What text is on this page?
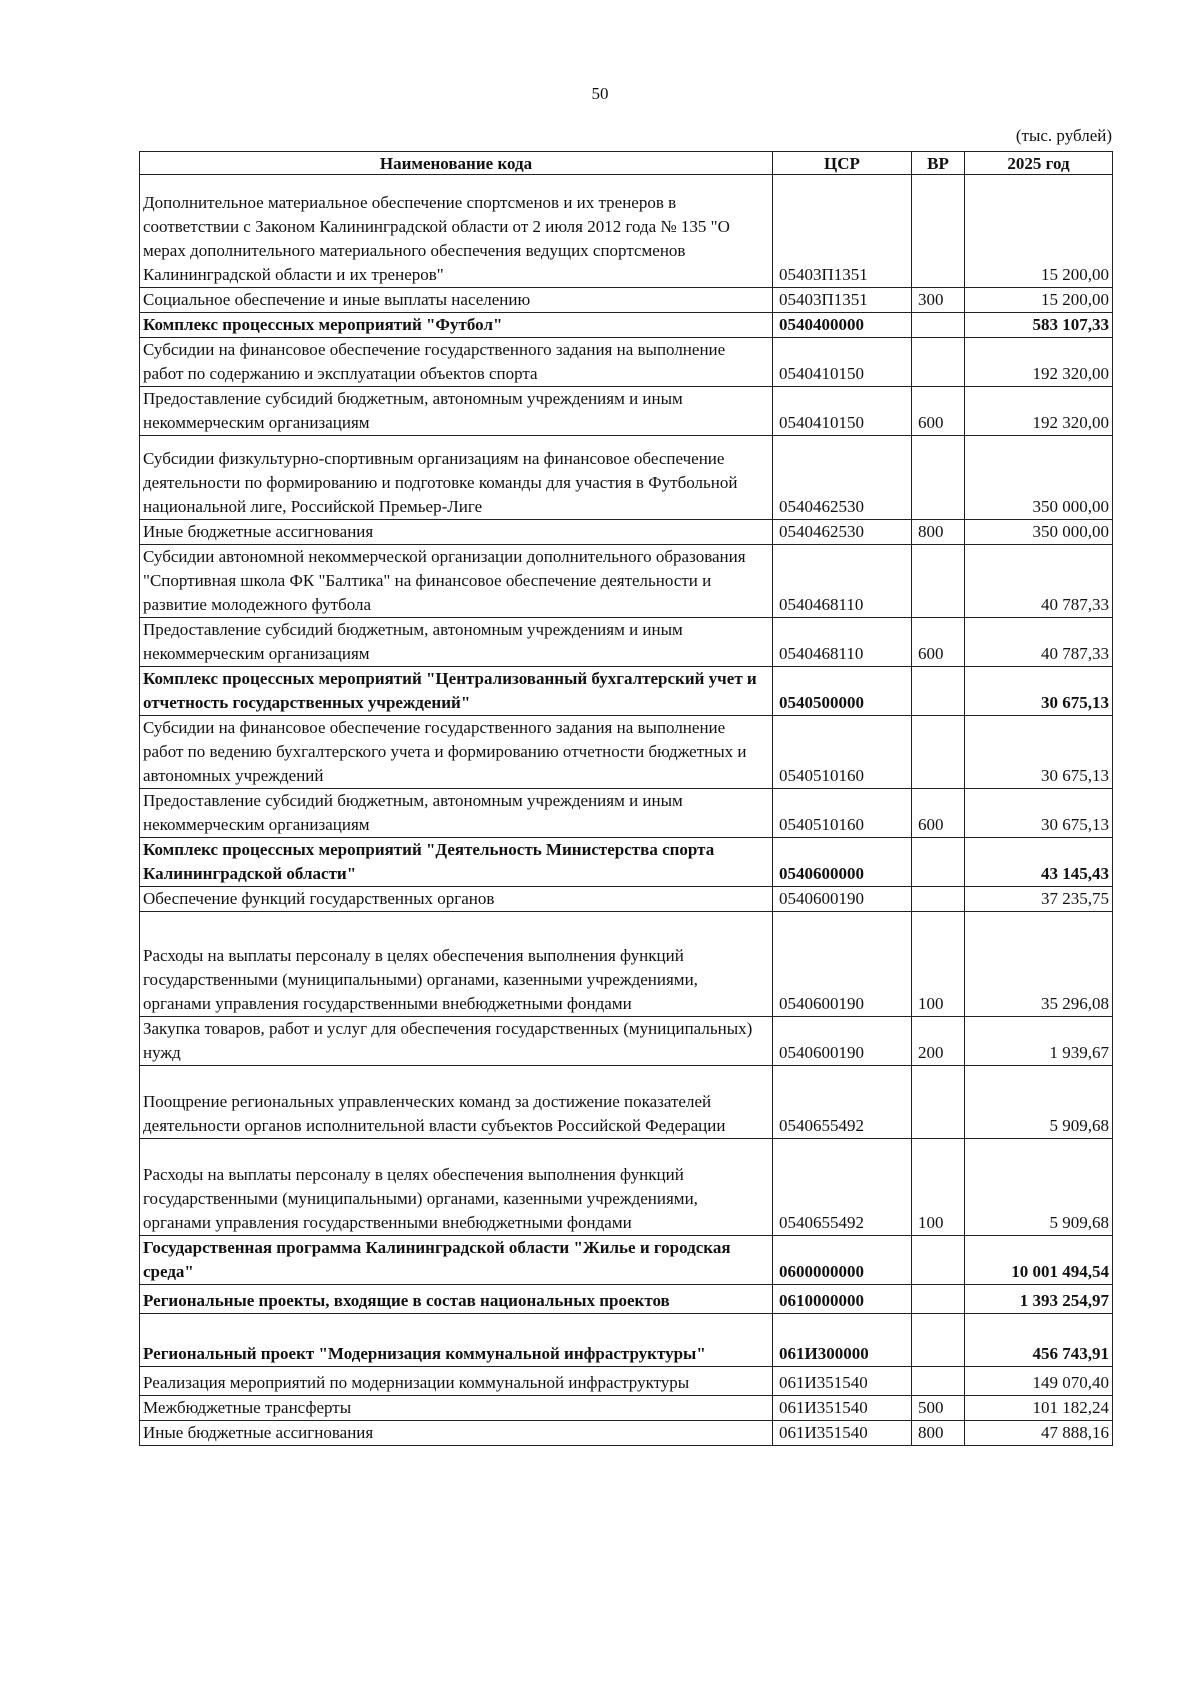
50
(тыс. рублей)
Наименование кода	ЦСР	ВР	2025 год
Дополнительное материальное обеспечение спортсменов и их тренеров в соответствии с Законом Калининградской области от 2 июля 2012 года № 135 "О мерах дополнительного материального обеспечения ведущих спортсменов Калининградской области и их тренеров"	05403П1351		15 200,00
Социальное обеспечение и иные выплаты населению	05403П1351	300	15 200,00
Комплекс процессных мероприятий "Футбол"	0540400000		583 107,33
Субсидии на финансовое обеспечение государственного задания на выполнение работ по содержанию и эксплуатации объектов спорта	0540410150		192 320,00
Предоставление субсидий бюджетным, автономным учреждениям и иным некоммерческим организациям	0540410150	600	192 320,00
Субсидии физкультурно-спортивным организациям на финансовое обеспечение деятельности по формированию и подготовке команды для участия в Футбольной национальной лиге, Российской Премьер-Лиге	0540462530		350 000,00
Иные бюджетные ассигнования	0540462530	800	350 000,00
Субсидии автономной некоммерческой организации дополнительного образования "Спортивная школа ФК "Балтика" на финансовое обеспечение деятельности и развитие молодежного футбола	0540468110		40 787,33
Предоставление субсидий бюджетным, автономным учреждениям и иным некоммерческим организациям	0540468110	600	40 787,33
Комплекс процессных мероприятий "Централизованный бухгалтерский учет и отчетность государственных учреждений"	0540500000		30 675,13
Субсидии на финансовое обеспечение государственного задания на выполнение работ по ведению бухгалтерского учета и формированию отчетности бюджетных и автономных учреждений	0540510160		30 675,13
Предоставление субсидий бюджетным, автономным учреждениям и иным некоммерческим организациям	0540510160	600	30 675,13
Комплекс процессных мероприятий "Деятельность Министерства спорта Калининградской области"	0540600000		43 145,43
Обеспечение функций государственных органов	0540600190		37 235,75
Расходы на выплаты персоналу в целях обеспечения выполнения функций государственными (муниципальными) органами, казенными учреждениями, органами управления государственными внебюджетными фондами	0540600190	100	35 296,08
Закупка товаров, работ и услуг для обеспечения государственных (муниципальных) нужд	0540600190	200	1 939,67
Поощрение региональных управленческих команд за достижение показателей деятельности органов исполнительной власти субъектов Российской Федерации	0540655492		5 909,68
Расходы на выплаты персоналу в целях обеспечения выполнения функций государственными (муниципальными) органами, казенными учреждениями, органами управления государственными внебюджетными фондами	0540655492	100	5 909,68
Государственная программа Калининградской области "Жилье и городская среда"	0600000000		10 001 494,54
Региональные проекты, входящие в состав национальных проектов	0610000000		1 393 254,97
Региональный проект "Модернизация коммунальной инфраструктуры"	061И300000		456 743,91
Реализация мероприятий по модернизации коммунальной инфраструктуры	061И351540		149 070,40
Межбюджетные трансферты	061И351540	500	101 182,24
Иные бюджетные ассигнования	061И351540	800	47 888,16
